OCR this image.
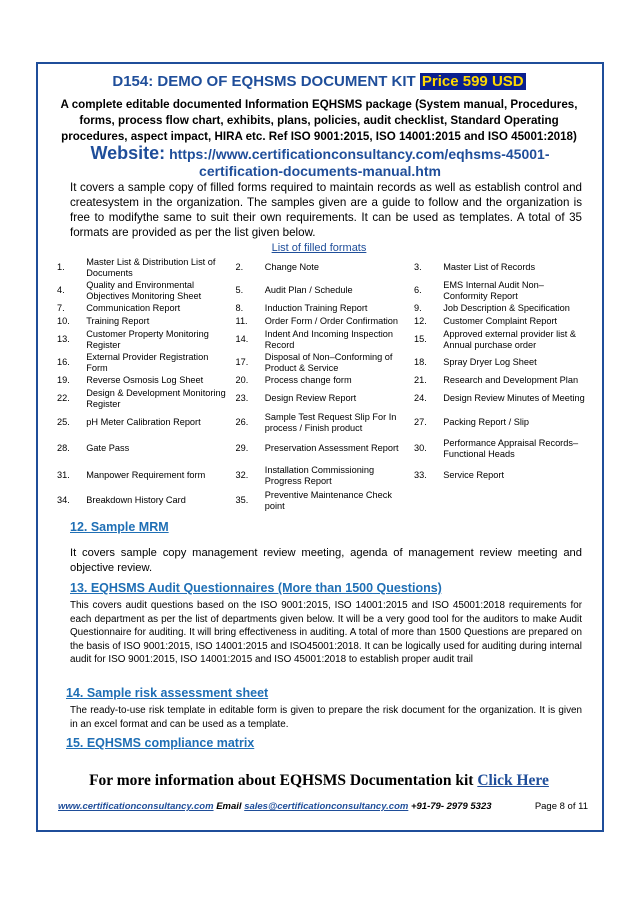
D154: DEMO OF EQHSMS DOCUMENT KIT Price 599 USD
A complete editable documented Information EQHSMS package (System manual, Procedures, forms, process flow chart, exhibits, plans, policies, audit checklist, Standard Operating procedures, aspect impact, HIRA etc. Ref ISO 9001:2015, ISO 14001:2015 and ISO 45001:2018)
Website: https://www.certificationconsultancy.com/eqhsms-45001-certification-documents-manual.htm
It covers a sample copy of filled forms required to maintain records as well as establish control and createsystem in the organization. The samples given are a guide to follow and the organization is free to modifythe same to suit their own requirements. It can be used as templates. A total of 35 formats are provided as per the list given below.
List of filled formats
1.	Master List & Distribution List of Documents	2.	Change Note	3.	Master List of Records
4.	Quality and Environmental Objectives Monitoring Sheet	5.	Audit Plan / Schedule	6.	EMS Internal Audit Non–Conformity Report
7.	Communication Report	8.	Induction Training Report	9.	Job Description & Specification
10.	Training Report	11.	Order Form / Order Confirmation	12.	Customer Complaint Report
13.	Customer Property Monitoring Register	14.	Indent And Incoming Inspection Record	15.	Approved external provider list & Annual purchase order
16.	External Provider Registration Form	17.	Disposal of Non–Conforming of Product & Service	18.	Spray Dryer Log Sheet
19.	Reverse Osmosis Log Sheet	20.	Process change form	21.	Research and Development Plan
22.	Design & Development Monitoring Register	23.	Design Review Report	24.	Design Review Minutes of Meeting
25.	pH Meter Calibration Report	26.	Sample Test Request Slip For In process / Finish product	27.	Packing Report / Slip
28.	Gate Pass	29.	Preservation Assessment Report	30.	Performance Appraisal Records–Functional Heads
31.	Manpower Requirement form	32.	Installation Commissioning Progress Report	33.	Service Report
34.	Breakdown History Card	35.	Preventive Maintenance Check point		
12. Sample MRM
It covers sample copy management review meeting, agenda of management review meeting and objective review.
13. EQHSMS Audit Questionnaires (More than 1500 Questions)
This covers audit questions based on the ISO 9001:2015, ISO 14001:2015 and ISO 45001:2018 requirements for each department as per the list of departments given below. It will be a very good tool for the auditors to make Audit Questionnaire for auditing. It will bring effectiveness in auditing. A total of more than 1500 Questions are prepared on the basis of ISO 9001:2015, ISO 14001:2015 and ISO45001:2018. It can be logically used for auditing during internal audit for ISO 9001:2015, ISO 14001:2015 and ISO 45001:2018 to establish proper audit trail
14. Sample risk assessment sheet
The ready-to-use risk template in editable form is given to prepare the risk document for the organization. It is given in an excel format and can be used as a template.
15. EQHSMS compliance matrix
For more information about EQHSMS Documentation kit Click Here
www.certificationconsultancy.com Email sales@certificationconsultancy.com +91-79- 2979 5323	Page 8 of 11
